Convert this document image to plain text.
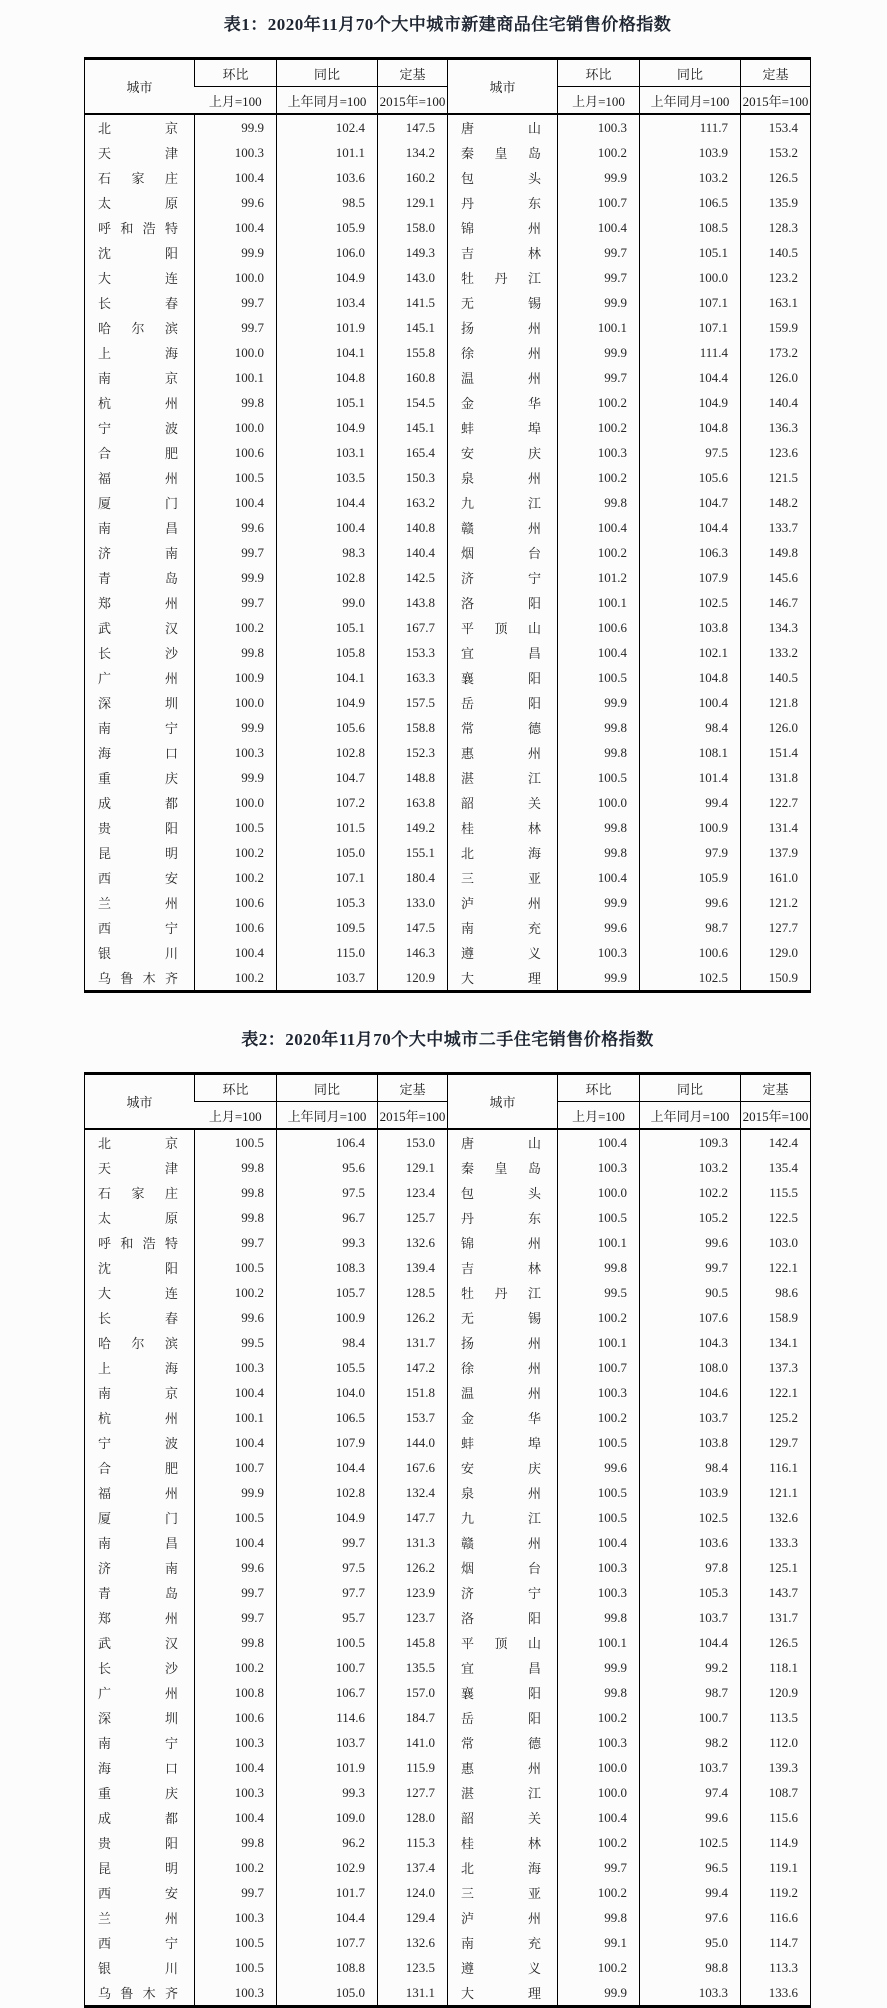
表1：2020年11月70个大中城市新建商品住宅销售价格指数
城市	环比	同比	定基	城市	环比	同比	定基
	上月=100	上年同月=100	2015年=100		上月=100	上年同月=100	2015年=100
北京	99.9	102.4	147.5	唐山	100.3	111.7	153.4
天津	100.3	101.1	134.2	秦皇岛	100.2	103.9	153.2
石家庄	100.4	103.6	160.2	包头	99.9	103.2	126.5
太原	99.6	98.5	129.1	丹东	100.7	106.5	135.9
呼和浩特	100.4	105.9	158.0	锦州	100.4	108.5	128.3
沈阳	99.9	106.0	149.3	吉林	99.7	105.1	140.5
大连	100.0	104.9	143.0	牡丹江	99.7	100.0	123.2
长春	99.7	103.4	141.5	无锡	99.9	107.1	163.1
哈尔滨	99.7	101.9	145.1	扬州	100.1	107.1	159.9
上海	100.0	104.1	155.8	徐州	99.9	111.4	173.2
南京	100.1	104.8	160.8	温州	99.7	104.4	126.0
杭州	99.8	105.1	154.5	金华	100.2	104.9	140.4
宁波	100.0	104.9	145.1	蚌埠	100.2	104.8	136.3
合肥	100.6	103.1	165.4	安庆	100.3	97.5	123.6
福州	100.5	103.5	150.3	泉州	100.2	105.6	121.5
厦门	100.4	104.4	163.2	九江	99.8	104.7	148.2
南昌	99.6	100.4	140.8	赣州	100.4	104.4	133.7
济南	99.7	98.3	140.4	烟台	100.2	106.3	149.8
青岛	99.9	102.8	142.5	济宁	101.2	107.9	145.6
郑州	99.7	99.0	143.8	洛阳	100.1	102.5	146.7
武汉	100.2	105.1	167.7	平顶山	100.6	103.8	134.3
长沙	99.8	105.8	153.3	宜昌	100.4	102.1	133.2
广州	100.9	104.1	163.3	襄阳	100.5	104.8	140.5
深圳	100.0	104.9	157.5	岳阳	99.9	100.4	121.8
南宁	99.9	105.6	158.8	常德	99.8	98.4	126.0
海口	100.3	102.8	152.3	惠州	99.8	108.1	151.4
重庆	99.9	104.7	148.8	湛江	100.5	101.4	131.8
成都	100.0	107.2	163.8	韶关	100.0	99.4	122.7
贵阳	100.5	101.5	149.2	桂林	99.8	100.9	131.4
昆明	100.2	105.0	155.1	北海	99.8	97.9	137.9
西安	100.2	107.1	180.4	三亚	100.4	105.9	161.0
兰州	100.6	105.3	133.0	泸州	99.9	99.6	121.2
西宁	100.6	109.5	147.5	南充	99.6	98.7	127.7
银川	100.4	115.0	146.3	遵义	100.3	100.6	129.0
乌鲁木齐	100.2	103.7	120.9	大理	99.9	102.5	150.9
表2：2020年11月70个大中城市二手住宅销售价格指数
城市	环比	同比	定基	城市	环比	同比	定基
	上月=100	上年同月=100	2015年=100		上月=100	上年同月=100	2015年=100
北京	100.5	106.4	153.0	唐山	100.4	109.3	142.4
天津	99.8	95.6	129.1	秦皇岛	100.3	103.2	135.4
石家庄	99.8	97.5	123.4	包头	100.0	102.2	115.5
太原	99.8	96.7	125.7	丹东	100.5	105.2	122.5
呼和浩特	99.7	99.3	132.6	锦州	100.1	99.6	103.0
沈阳	100.5	108.3	139.4	吉林	99.8	99.7	122.1
大连	100.2	105.7	128.5	牡丹江	99.5	90.5	98.6
长春	99.6	100.9	126.2	无锡	100.2	107.6	158.9
哈尔滨	99.5	98.4	131.7	扬州	100.1	104.3	134.1
上海	100.3	105.5	147.2	徐州	100.7	108.0	137.3
南京	100.4	104.0	151.8	温州	100.3	104.6	122.1
杭州	100.1	106.5	153.7	金华	100.2	103.7	125.2
宁波	100.4	107.9	144.0	蚌埠	100.5	103.8	129.7
合肥	100.7	104.4	167.6	安庆	99.6	98.4	116.1
福州	99.9	102.8	132.4	泉州	100.5	103.9	121.1
厦门	100.5	104.9	147.7	九江	100.5	102.5	132.6
南昌	100.4	99.7	131.3	赣州	100.4	103.6	133.3
济南	99.6	97.5	126.2	烟台	100.3	97.8	125.1
青岛	99.7	97.7	123.9	济宁	100.3	105.3	143.7
郑州	99.7	95.7	123.7	洛阳	99.8	103.7	131.7
武汉	99.8	100.5	145.8	平顶山	100.1	104.4	126.5
长沙	100.2	100.7	135.5	宜昌	99.9	99.2	118.1
广州	100.8	106.7	157.0	襄阳	99.8	98.7	120.9
深圳	100.6	114.6	184.7	岳阳	100.2	100.7	113.5
南宁	100.3	103.7	141.0	常德	100.3	98.2	112.0
海口	100.4	101.9	115.9	惠州	100.0	103.7	139.3
重庆	100.3	99.3	127.7	湛江	100.0	97.4	108.7
成都	100.4	109.0	128.0	韶关	100.4	99.6	115.6
贵阳	99.8	96.2	115.3	桂林	100.2	102.5	114.9
昆明	100.2	102.9	137.4	北海	99.7	96.5	119.1
西安	99.7	101.7	124.0	三亚	100.2	99.4	119.2
兰州	100.3	104.4	129.4	泸州	99.8	97.6	116.6
西宁	100.5	107.7	132.6	南充	99.1	95.0	114.7
银川	100.5	108.8	123.5	遵义	100.2	98.8	113.3
乌鲁木齐	100.3	105.0	131.1	大理	99.9	103.3	133.6
